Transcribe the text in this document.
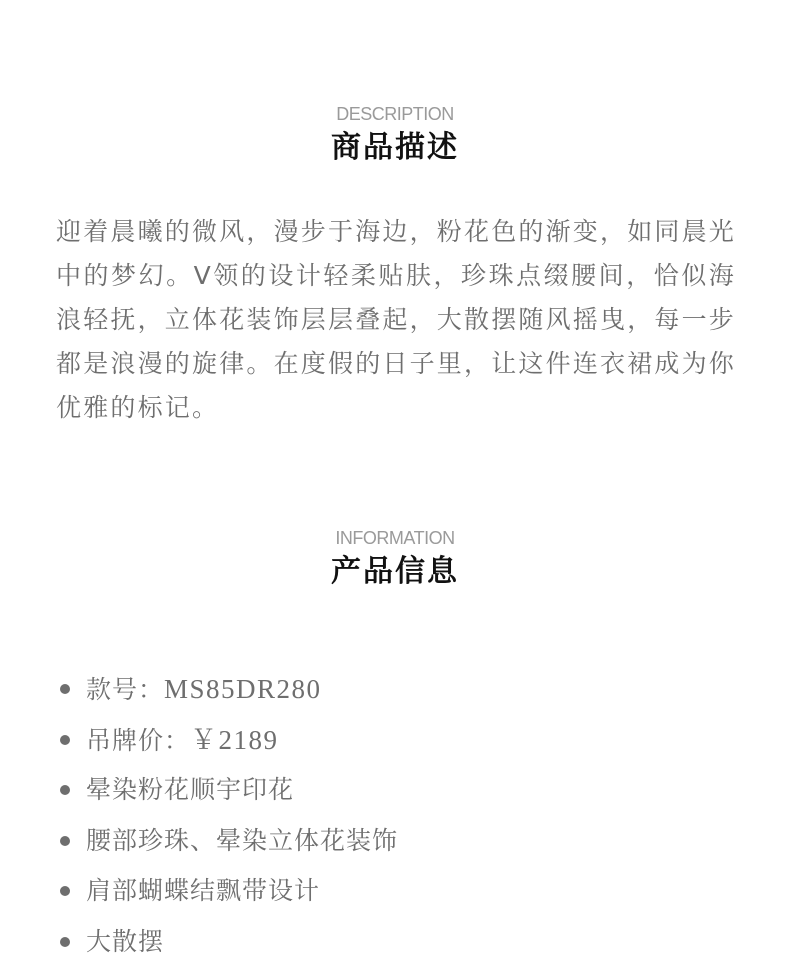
DESCRIPTION
商品描述

迎着晨曦的微风，漫步于海边，粉花色的渐变，如同晨光中的梦幻。V领的设计轻柔贴肤，珍珠点缀腰间，恰似海浪轻抚，立体花装饰层层叠起，大散摆随风摇曳，每一步都是浪漫的旋律。在度假的日子里，让这件连衣裙成为你优雅的标记。

INFORMATION
产品信息
款号：MS85DR280
吊牌价：￥2189
晕染粉花顺宇印花
腰部珍珠、晕染立体花装饰
肩部蝴蝶结飘带设计
大散摆
